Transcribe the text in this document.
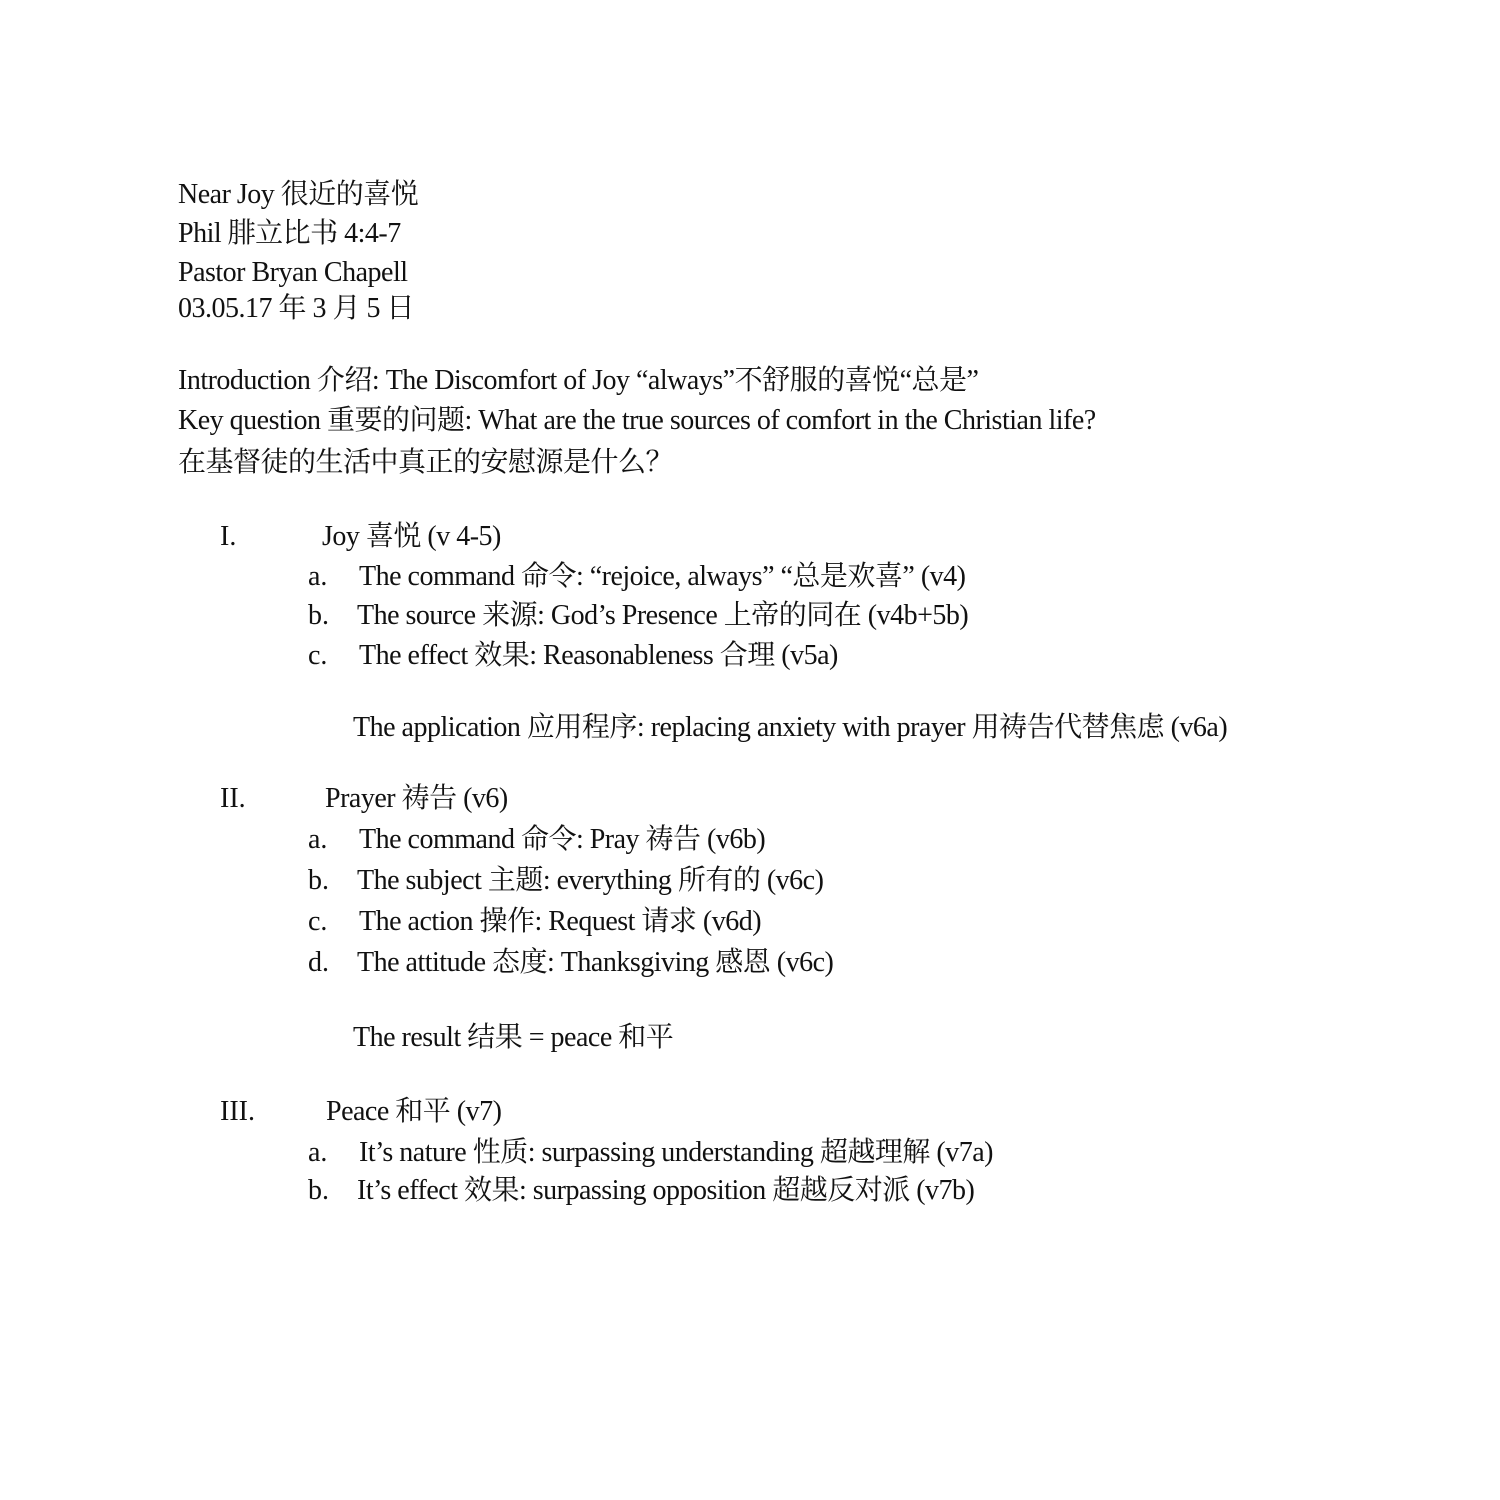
Near Joy 很近的喜悦
Phil 腓立比书 4:4-7
Pastor Bryan Chapell
03.05.17 年 3 月 5 日
Introduction 介绍: The Discomfort of Joy “always”不舒服的喜悦“总是”
Key question 重要的问题: What are the true sources of comfort in the Christian life?
在基督徒的生活中真正的安慰源是什么？
I.	Joy 喜悦 (v 4-5)
a. The command 命令: “rejoice, always” “总是欢喜” (v4)
b. The source 来源: God’s Presence 上帝的同在 (v4b+5b)
c. The effect 效果: Reasonableness 合理 (v5a)
The application 应用程序: replacing anxiety with prayer 用祷告代替焦虑 (v6a)
II.	Prayer 祷告 (v6)
a. The command 命令: Pray 祷告 (v6b)
b. The subject 主题: everything 所有的 (v6c)
c. The action 操作: Request 请求 (v6d)
d. The attitude 态度: Thanksgiving 感恩 (v6c)
The result 结果 = peace 和平
III.	Peace 和平 (v7)
a. It’s nature 性质: surpassing understanding 超越理解 (v7a)
b. It’s effect 效果: surpassing opposition 超越反对派 (v7b)
